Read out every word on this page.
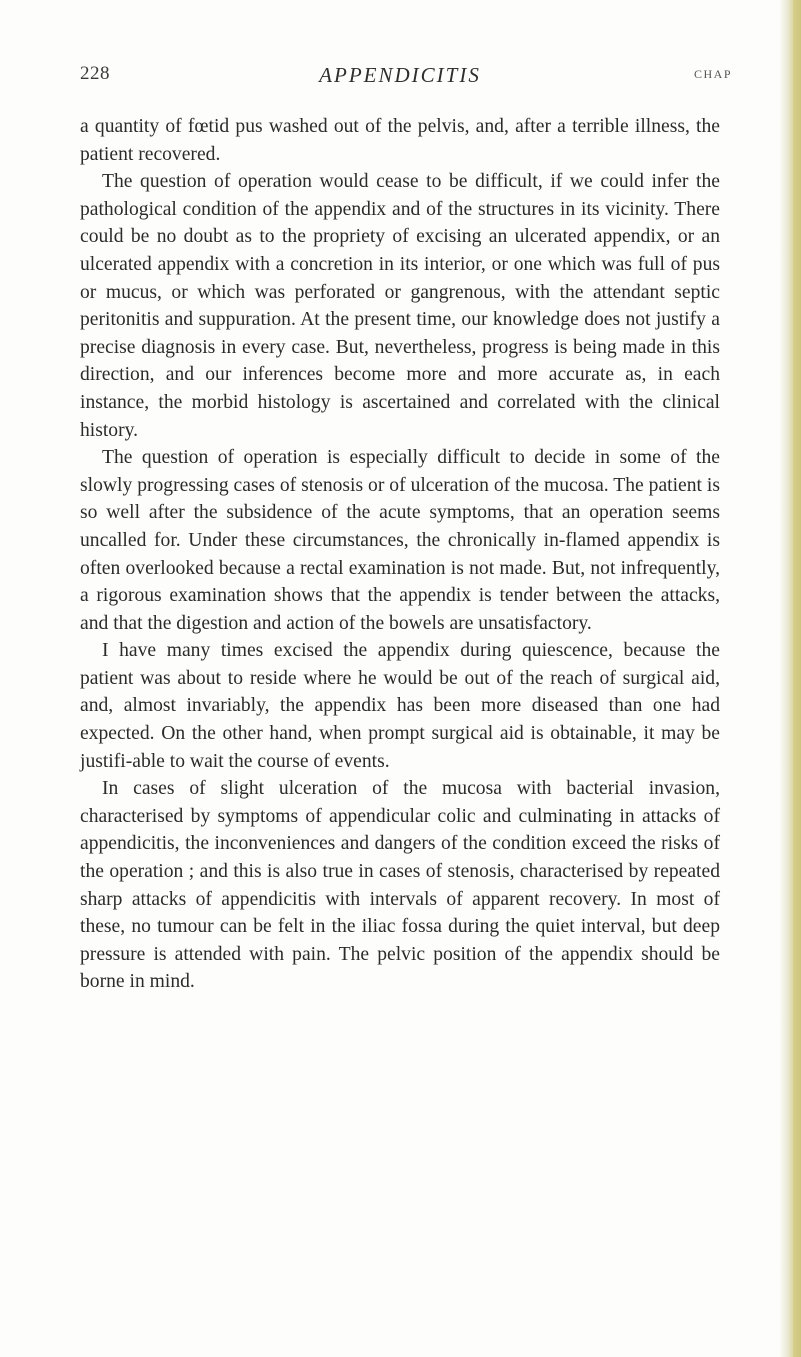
228	APPENDICITIS	CHAP

a quantity of fœtid pus washed out of the pelvis, and, after a terrible illness, the patient recovered.

The question of operation would cease to be difficult, if we could infer the pathological condition of the appendix and of the structures in its vicinity. There could be no doubt as to the propriety of excising an ulcerated appendix, or an ulcerated appendix with a concretion in its interior, or one which was full of pus or mucus, or which was perforated or gangrenous, with the attendant septic peritonitis and suppuration. At the present time, our knowledge does not justify a precise diagnosis in every case. But, nevertheless, progress is being made in this direction, and our inferences become more and more accurate as, in each instance, the morbid histology is ascertained and correlated with the clinical history.

The question of operation is especially difficult to decide in some of the slowly progressing cases of stenosis or of ulceration of the mucosa. The patient is so well after the subsidence of the acute symptoms, that an operation seems uncalled for. Under these circumstances, the chronically in-flamed appendix is often overlooked because a rectal examination is not made. But, not infrequently, a rigorous examination shows that the appendix is tender between the attacks, and that the digestion and action of the bowels are unsatisfactory.

I have many times excised the appendix during quiescence, because the patient was about to reside where he would be out of the reach of surgical aid, and, almost invariably, the appendix has been more diseased than one had expected. On the other hand, when prompt surgical aid is obtainable, it may be justifi-able to wait the course of events.

In cases of slight ulceration of the mucosa with bacterial invasion, characterised by symptoms of appendicular colic and culminating in attacks of appendicitis, the inconveniences and dangers of the condition exceed the risks of the operation ; and this is also true in cases of stenosis, characterised by repeated sharp attacks of appendicitis with intervals of apparent recovery. In most of these, no tumour can be felt in the iliac fossa during the quiet interval, but deep pressure is attended with pain. The pelvic position of the appendix should be borne in mind.
